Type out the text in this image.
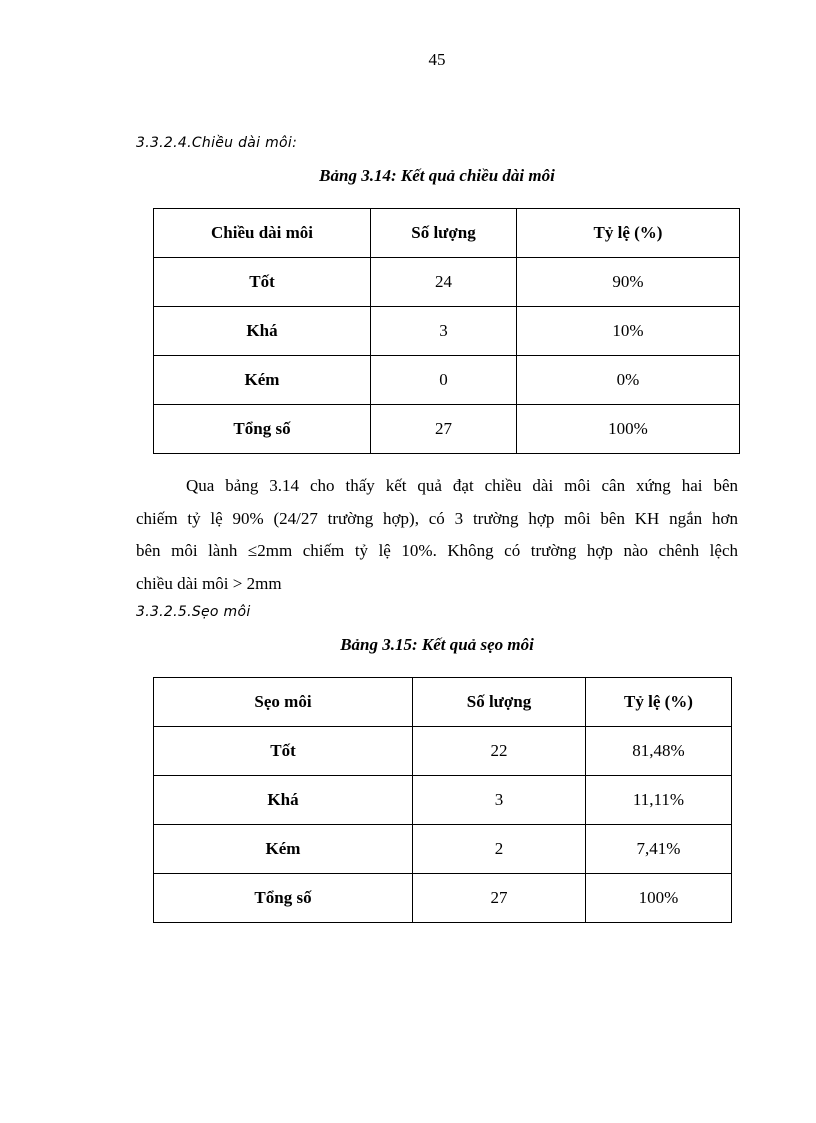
45
3.3.2.4.Chiều dài môi:
Bảng 3.14: Kết quả chiều dài môi
Chiều dài môi	Số lượng	Tỷ lệ (%)
Tốt	24	90%
Khá	3	10%
Kém	0	0%
Tổng số	27	100%
Qua bảng 3.14 cho thấy kết quả đạt chiều dài môi cân xứng hai bên
chiếm tỷ lệ 90% (24/27 trường hợp), có 3 trường hợp môi bên KH ngắn hơn
bên môi lành ≤2mm chiếm tỷ lệ 10%. Không có trường hợp nào chênh lệch
chiều dài môi > 2mm
3.3.2.5.Sẹo môi
Bảng 3.15: Kết quả sẹo môi
Sẹo môi	Số lượng	Tỷ lệ (%)
Tốt	22	81,48%
Khá	3	11,11%
Kém	2	7,41%
Tổng số	27	100%
